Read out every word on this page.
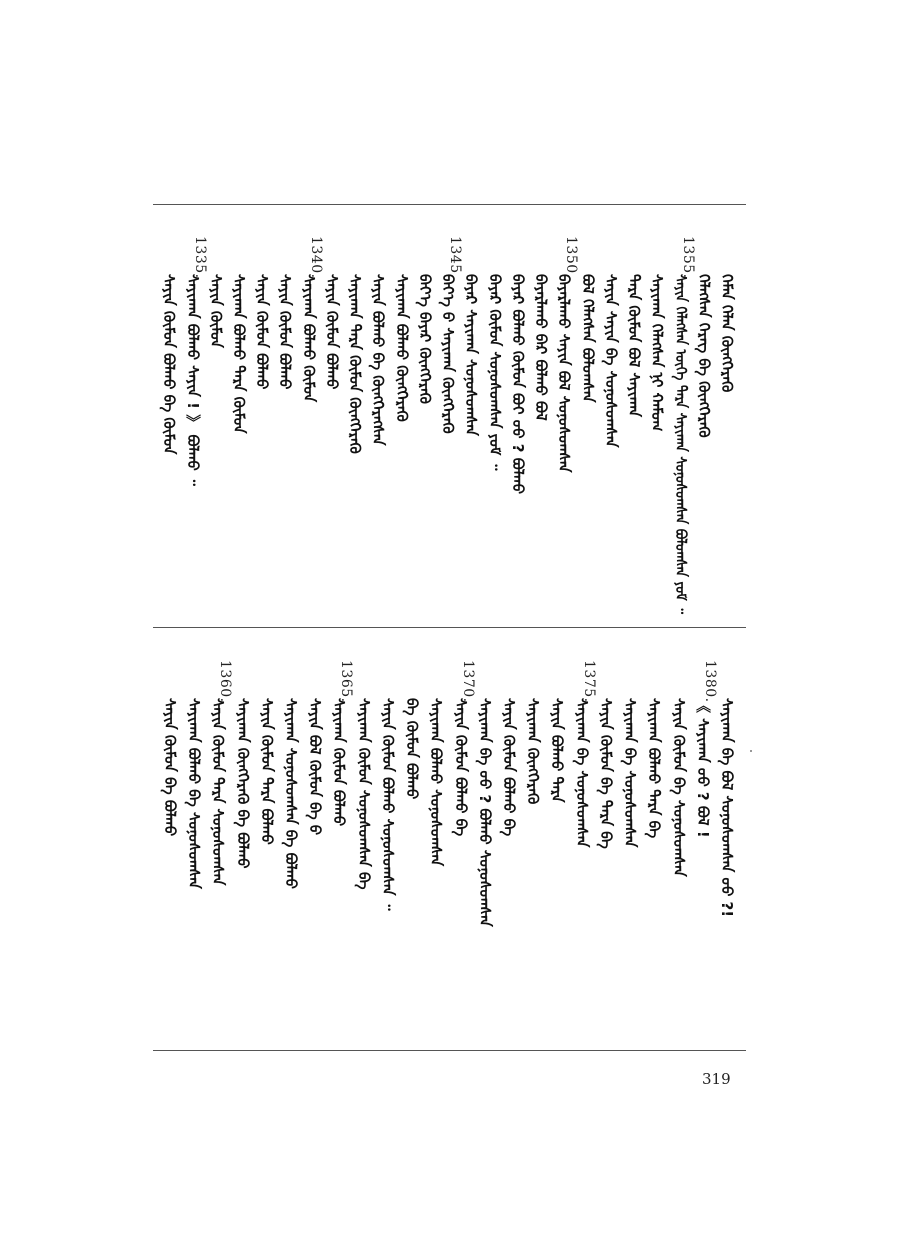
ᠬᠡᠮᠡᠨ ᠬᠡᠯᠡᠨ ᠬᠦᠩᠭᠡᠷᠡᠭᠦ
ᠬᠡᠯᠡᠭᠰᠡᠨ ᠬᠡᠷᠡᠭ ᠪᠡ ᠬᠦᠩᠭᠡᠷᠡᠭᠦ
1355.
ᠰᠠᠶᠢᠨ ᠬᠡᠯᠡᠭᠰᠡᠨ ᠦᠭᠡ ᠲᠡᠷᠡ ᠰᠠᠶᠢᠬᠠᠨ ᠰᠣᠨᠣᠰᠤᠭᠰᠠᠨ ᠪᠣᠯᠤᠭᠰᠠᠨ ᠶᠤᠮ ᠃
ᠰᠠᠶᠢᠬᠠᠨ ᠬᠡᠯᠡᠭᠰᠡᠨ ᠨᠢ ᠬᠠᠮᠤᠭ
ᠲᠡᠷᠡ ᠬᠦᠮᠦᠨ ᠪᠣᠯ ᠰᠠᠶᠢᠬᠠᠨ
ᠰᠠᠶᠢᠨ ᠰᠠᠶᠢᠨ ᠪᠡ ᠰᠣᠨᠣᠰᠤᠭᠰᠠᠨ
ᠪᠣᠯ ᠬᠡᠯᠡᠭᠰᠡᠨ ᠪᠣᠯᠤᠭᠰᠠᠨ
1350.
ᠪᠠᠶᠠᠷᠯᠠᠬᠤ ᠰᠠᠶᠢᠨ ᠪᠣᠯ ᠰᠣᠨᠣᠰᠤᠭᠰᠠᠨ
ᠪᠠᠶᠠᠷᠯᠠᠬᠤ ᠪᠡᠷ ᠪᠣᠯᠬᠤ ᠪᠣᠯ
ᠪᠠᠶᠠᠷ ᠪᠣᠯᠬᠤ ᠬᠦᠮᠦᠨ ᠪᠤᠢ ᠤᠤ ? ᠪᠣᠯᠬᠤ
ᠪᠠᠶᠠᠷ ᠬᠦᠮᠦᠨ ᠰᠣᠨᠣᠰᠤᠭᠰᠠᠨ ᠶᠤᠮ ᠃
ᠪᠠᠶᠠᠷ ᠰᠠᠶᠢᠬᠠᠨ ᠰᠣᠨᠣᠰᠤᠭᠰᠠᠨ
1345.
ᠪᠡᠶ᠎ᠡ ᠪ ᠰᠠᠶᠢᠬᠠᠨ ᠬᠦᠩᠭᠡᠷᠡᠭᠦ
ᠪᠡᠶ᠎ᠡ ᠪᠠᠶᠠᠷ ᠬᠦᠩᠭᠡᠷᠡᠭᠦ
ᠰᠠᠶᠢᠬᠠᠨ ᠪᠣᠯᠬᠤ ᠬᠦᠩᠭᠡᠷᠡᠭᠦ
ᠰᠠᠶᠢᠨ ᠪᠣᠯᠬᠤ ᠪᠡ ᠬᠦᠩᠭᠡᠷᠡᠭᠰᠡᠨ
ᠰᠠᠶᠢᠬᠠᠨ ᠲᠡᠷᠡ ᠬᠦᠮᠦᠨ ᠬᠦᠩᠭᠡᠷᠡᠭᠦ
ᠰᠠᠶᠢᠨ ᠬᠦᠮᠦᠨ ᠪᠣᠯᠬᠤ
1340.
ᠰᠠᠶᠢᠬᠠᠨ ᠪᠣᠯᠬᠤ ᠬᠦᠮᠦᠨ
ᠰᠠᠶᠢᠨ ᠬᠦᠮᠦᠨ ᠪᠣᠯᠬᠤ
ᠰᠠᠶᠢᠨ ᠬᠦᠮᠦᠨ ᠪᠣᠯᠬᠤ
ᠰᠠᠶᠢᠬᠠᠨ ᠪᠣᠯᠬᠤ ᠲᠡᠷᠡ ᠬᠦᠮᠦᠨ
ᠰᠠᠶᠢᠨ ᠬᠦᠮᠦᠨ
1335.
ᠰᠠᠶᠢᠬᠠᠨ ᠪᠣᠯᠬᠤ ᠰᠠᠶᠢᠨ ! 》 ᠪᠣᠯᠬᠤ ᠃
ᠰᠠᠶᠢᠨ ᠬᠦᠮᠦᠨ ᠪᠣᠯᠬᠤ ᠪᠡ ᠬᠦᠮᠦᠨ
ᠰᠠᠶᠢᠬᠠᠨ ᠪᠡ ᠪᠣᠯ ᠰᠣᠨᠣᠰᠤᠭᠰᠠᠨ ᠤᠤ ?!
1380.
《 ᠰᠠᠶᠢᠬᠠᠨ ᠤᠤ ? ᠪᠣᠯ !
ᠰᠠᠶᠢᠨ ᠬᠦᠮᠦᠨ ᠪᠡ ᠰᠣᠨᠣᠰᠤᠭᠰᠠᠨ
ᠰᠠᠶᠢᠬᠠᠨ ᠪᠣᠯᠬᠤ ᠲᠡᠷᠡ ᠪᠡ
ᠰᠠᠶᠢᠬᠠᠨ ᠪᠡ ᠰᠣᠨᠣᠰᠤᠭᠰᠠᠨ
ᠰᠠᠶᠢᠨ ᠬᠦᠮᠦᠨ ᠪᠡ ᠲᠡᠷᠡ ᠪᠡ
1375.
ᠰᠠᠶᠢᠬᠠᠨ ᠪᠡ ᠰᠣᠨᠣᠰᠤᠭᠰᠠᠨ
ᠰᠠᠶᠢᠨ ᠪᠣᠯᠬᠤ ᠲᠡᠷᠡ
ᠰᠠᠶᠢᠬᠠᠨ ᠬᠦᠩᠭᠡᠷᠡᠭᠦ
ᠰᠠᠶᠢᠨ ᠬᠦᠮᠦᠨ ᠪᠣᠯᠬᠤ ᠪᠡ
ᠰᠠᠶᠢᠬᠠᠨ ᠪᠡ ᠤᠤ ? ᠪᠣᠯᠬᠤ ᠰᠣᠨᠣᠰᠤᠭᠰᠠᠨ
1370.
ᠰᠠᠶᠢᠨ ᠬᠦᠮᠦᠨ ᠪᠣᠯᠬᠤ ᠪᠡ
ᠰᠠᠶᠢᠬᠠᠨ ᠪᠣᠯᠬᠤ ᠰᠣᠨᠣᠰᠤᠭᠰᠠᠨ
ᠪᠡ ᠬᠦᠮᠦᠨ ᠪᠣᠯᠬᠤ
ᠰᠠᠶᠢᠨ ᠬᠦᠮᠦᠨ ᠪᠣᠯᠬᠤ ᠰᠣᠨᠣᠰᠤᠭᠰᠠᠨ ᠃
ᠰᠠᠶᠢᠬᠠᠨ ᠬᠦᠮᠦᠨ ᠰᠣᠨᠣᠰᠤᠭᠰᠠᠨ ᠪᠡ
1365.
ᠰᠠᠶᠢᠬᠠᠨ ᠬᠦᠮᠦᠨ ᠪᠣᠯᠬᠤ
ᠰᠠᠶᠢᠨ ᠪᠣᠯ ᠬᠦᠮᠦᠨ ᠪᠡ ᠪ
ᠰᠠᠶᠢᠬᠠᠨ ᠰᠣᠨᠣᠰᠤᠭᠰᠠᠨ ᠪᠡ ᠪᠣᠯᠬᠤ
ᠰᠠᠶᠢᠨ ᠬᠦᠮᠦᠨ ᠲᠡᠷᠡ ᠪᠣᠯᠬᠤ
ᠰᠠᠶᠢᠬᠠᠨ ᠬᠦᠩᠭᠡᠷᠡᠭᠦ ᠪᠡ ᠪᠣᠯᠬᠤ
1360.
ᠰᠠᠶᠢᠨ ᠬᠦᠮᠦᠨ ᠲᠡᠷᠡ ᠰᠣᠨᠣᠰᠤᠭᠰᠠᠨ
ᠰᠠᠶᠢᠬᠠᠨ ᠪᠣᠯᠬᠤ ᠪᠡ ᠰᠣᠨᠣᠰᠤᠭᠰᠠᠨ
ᠰᠠᠶᠢᠨ ᠬᠦᠮᠦᠨ ᠪᠡ ᠪᠣᠯᠬᠤ
319
